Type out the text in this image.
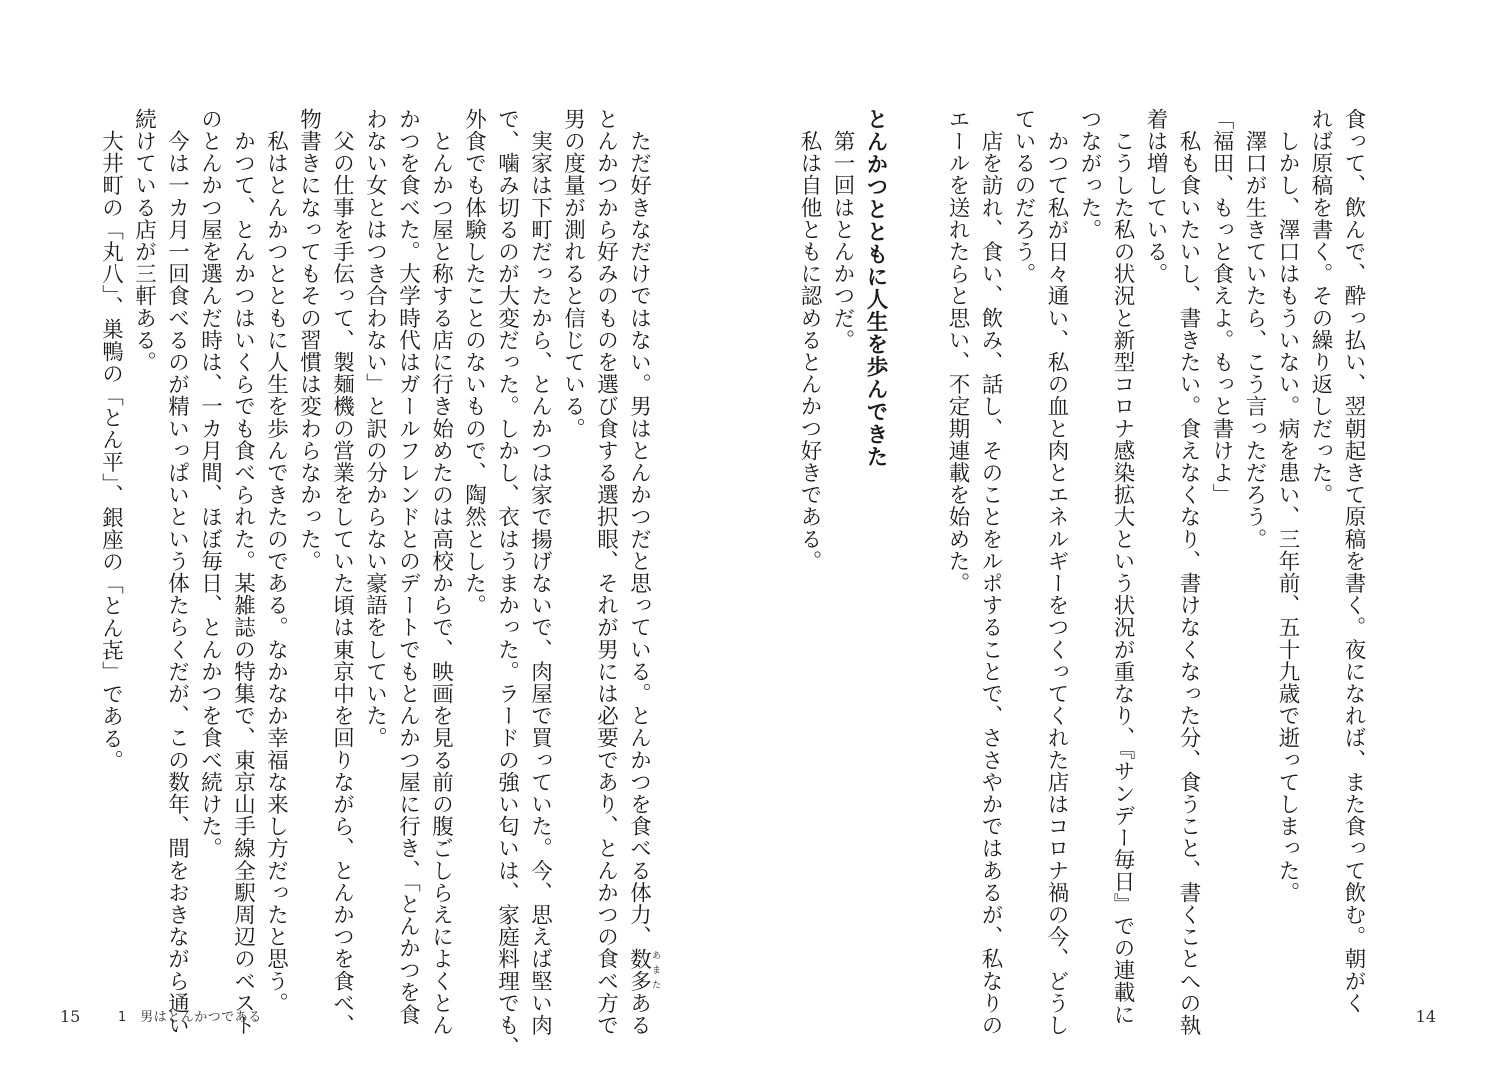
食って、飲んで、酔っ払い、翌朝起きて原稿を書く。夜になれば、また食って飲む。朝がく
れば原稿を書く。その繰り返しだった。
　しかし、澤口はもういない。病を患い、三年前、五十九歳で逝ってしまった。
　澤口が生きていたら、こう言っただろう。
「福田、もっと食えよ。もっと書けよ」
　私も食いたいし、書きたい。食えなくなり、書けなくなった分、食うこと、書くことへの執
着は増している。
　こうした私の状況と新型コロナ感染拡大という状況が重なり、『サンデー毎日』での連載に
つながった。
　かつて私が日々通い、私の血と肉とエネルギーをつくってくれた店はコロナ禍の今、どうし
ているのだろう。
　店を訪れ、食い、飲み、話し、そのことをルポすることで、ささやかではあるが、私なりの
エールを送れたらと思い、不定期連載を始めた。
とんかつとともに人生を歩んできた
　第一回はとんかつだ。
　私は自他ともに認めるとんかつ好きである。
14
　ただ好きなだけではない。男はとんかつだと思っている。とんかつを食べる体力、数多あまたある
とんかつから好みのものを選び食する選択眼、それが男には必要であり、とんかつの食べ方で
男の度量が測れると信じている。
　実家は下町だったから、とんかつは家で揚げないで、肉屋で買っていた。今、思えば堅い肉
で、噛み切るのが大変だった。しかし、衣はうまかった。ラードの強い匂いは、家庭料理でも、
外食でも体験したことのないもので、陶然とした。
　とんかつ屋と称する店に行き始めたのは高校からで、映画を見る前の腹ごしらえによくとん
かつを食べた。大学時代はガールフレンドとのデートでもとんかつ屋に行き、「とんかつを食
わない女とはつき合わない」と訳の分からない豪語をしていた。
　父の仕事を手伝って、製麺機の営業をしていた頃は東京中を回りながら、とんかつを食べ、
物書きになってもその習慣は変わらなかった。
　私はとんかつとともに人生を歩んできたのである。なかなか幸福な来し方だったと思う。
　かつて、とんかつはいくらでも食べられた。某雑誌の特集で、東京山手線全駅周辺のベスト
のとんかつ屋を選んだ時は、一カ月間、ほぼ毎日、とんかつを食べ続けた。
　今は一カ月一回食べるのが精いっぱいという体たらくだが、この数年、間をおきながら通い
続けている店が三軒ある。
　大井町の「丸八」、巣鴨の「とん平」、銀座の「とん㐂」である。
15	1　男はとんかつである
